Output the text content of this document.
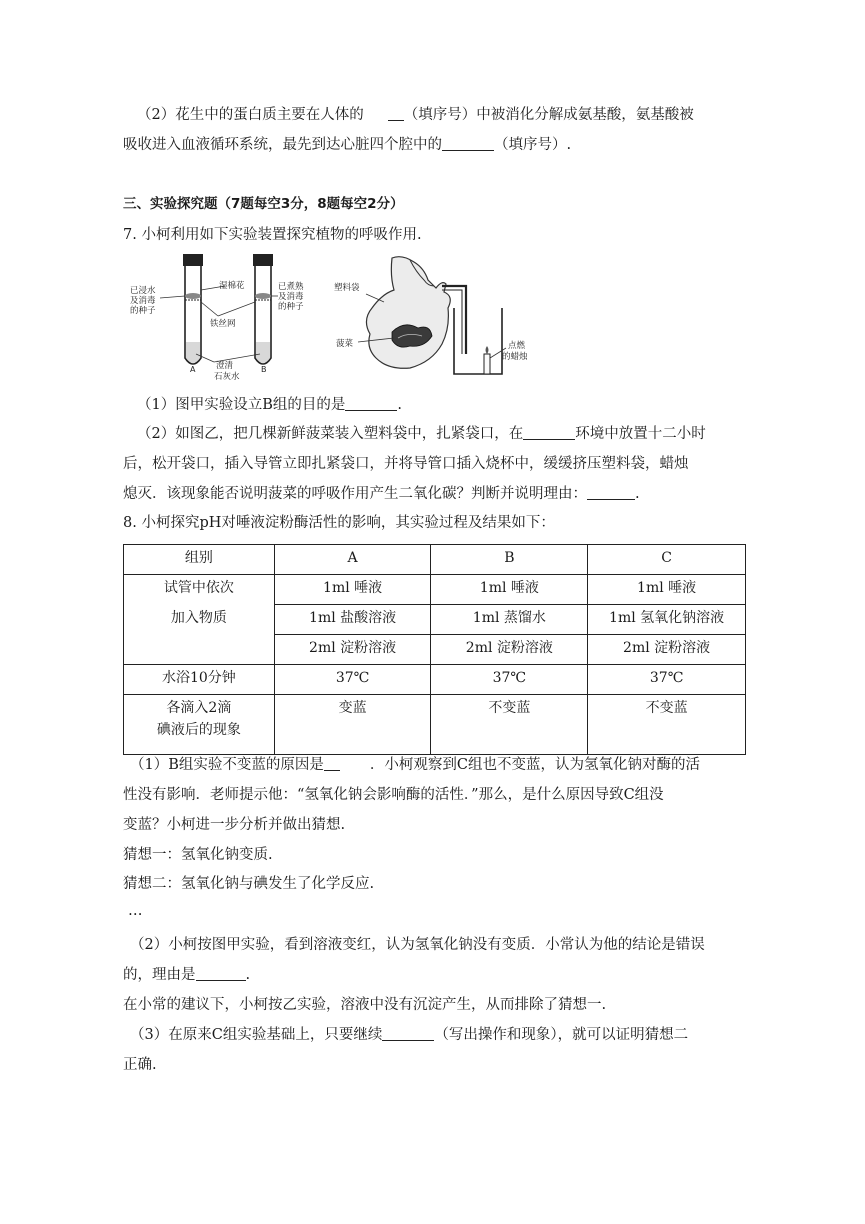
（2）花生中的蛋白质主要在人体的	（填序号）中被消化分解成氨基酸，氨基酸被
吸收进入血液循环系统，最先到达心脏四个腔中的	（填序号）.
三、实验探究题（7题每空3分，8题每空2分）
7. 小柯利用如下实验装置探究植物的呼吸作用.
已浸水
及消毒
的种子
湿棉花	已煮熟
及消毒
的种子
铁丝网
A	B
澄清
石灰水
塑料袋
菠菜	点燃
的蜡烛
（1）图甲实验设立B组的目的是	.
（2）如图乙，把几棵新鲜菠菜装入塑料袋中，扎紧袋口，在	环境中放置十二小时
后，松开袋口，插入导管立即扎紧袋口，并将导管口插入烧杯中，缓缓挤压塑料袋，蜡烛
熄灭．该现象能否说明菠菜的呼吸作用产生二氧化碳？判断并说明理由：	.
8. 小柯探究pH对唾液淀粉酶活性的影响，其实验过程及结果如下：
组别	A	B	C

试管中依次
加入物质	1ml 唾液	1ml 唾液	1ml 唾液
	1ml 盐酸溶液	1ml 蒸馏水	1ml 氢氧化钠溶液
	2ml 淀粉溶液	2ml 淀粉溶液	2ml 淀粉溶液
水浴10分钟	37℃	37℃	37℃

各滴入2滴
碘液后的现象	变蓝	不变蓝	不变蓝
（1）B组实验不变蓝的原因是	．小柯观察到C组也不变蓝，认为氢氧化钠对酶的活
性没有影响．老师提示他：“氢氧化钠会影响酶的活性．”那么，是什么原因导致C组没
变蓝？小柯进一步分析并做出猜想.
猜想一：氢氧化钠变质.
猜想二：氢氧化钠与碘发生了化学反应.
…
（2）小柯按图甲实验，看到溶液变红，认为氢氧化钠没有变质．小常认为他的结论是错误
的，理由是	.
在小常的建议下，小柯按乙实验，溶液中没有沉淀产生，从而排除了猜想一.
（3）在原来C组实验基础上，只要继续	（写出操作和现象），就可以证明猜想二
正确.
